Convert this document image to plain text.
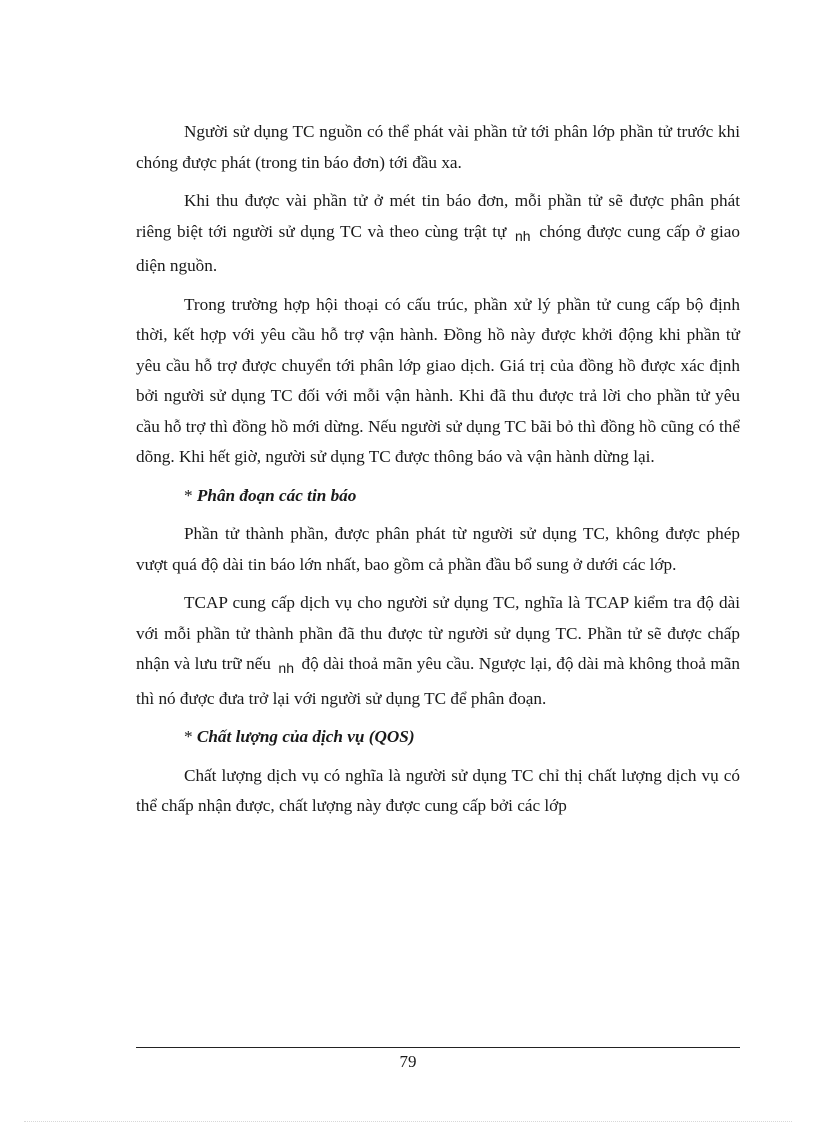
Người sử dụng TC nguồn có thể phát vài phần tử tới phân lớp phần tử trước khi chóng được phát (trong tin báo đơn) tới đầu xa.

Khi thu được vài phần tử ở mét tin báo đơn, mỗi phần tử sẽ được phân phát riêng biệt tới người sử dụng TC và theo cùng trật tự $_{nh}$ chóng được cung cấp ở giao diện nguồn.

Trong trường hợp hội thoại có cấu trúc, phần xử lý phần tử cung cấp bộ định thời, kết hợp với yêu cầu hỗ trợ vận hành. Đồng hồ này được khởi động khi phần tử yêu cầu hỗ trợ được chuyển tới phân lớp giao dịch. Giá trị của đồng hồ được xác định bởi người sử dụng TC đối với mỗi vận hành. Khi đã thu được trả lời cho phần tử yêu cầu hỗ trợ thì đồng hồ mới dừng. Nếu người sử dụng TC bãi bỏ thì đồng hồ cũng có thể dõng. Khi hết giờ, người sử dụng TC được thông báo và vận hành dừng lại.

* Phân đoạn các tin báo

Phần tử thành phần, được phân phát từ người sử dụng TC, không được phép vượt quá độ dài tin báo lớn nhất, bao gồm cả phần đầu bổ sung ở dưới các lớp.

TCAP cung cấp dịch vụ cho người sử dụng TC, nghĩa là TCAP kiểm tra độ dài với mỗi phần tử thành phần đã thu được từ người sử dụng TC. Phần tử sẽ được chấp nhận và lưu trữ nếu $_{nh}$ độ dài thoả mãn yêu cầu. Ngược lại, độ dài mà không thoả mãn thì nó được đưa trở lại với người sử dụng TC để phân đoạn.

* Chất lượng của dịch vụ (QOS)

Chất lượng dịch vụ có nghĩa là người sử dụng TC chỉ thị chất lượng dịch vụ có thể chấp nhận được, chất lượng này được cung cấp bởi các lớp

79
